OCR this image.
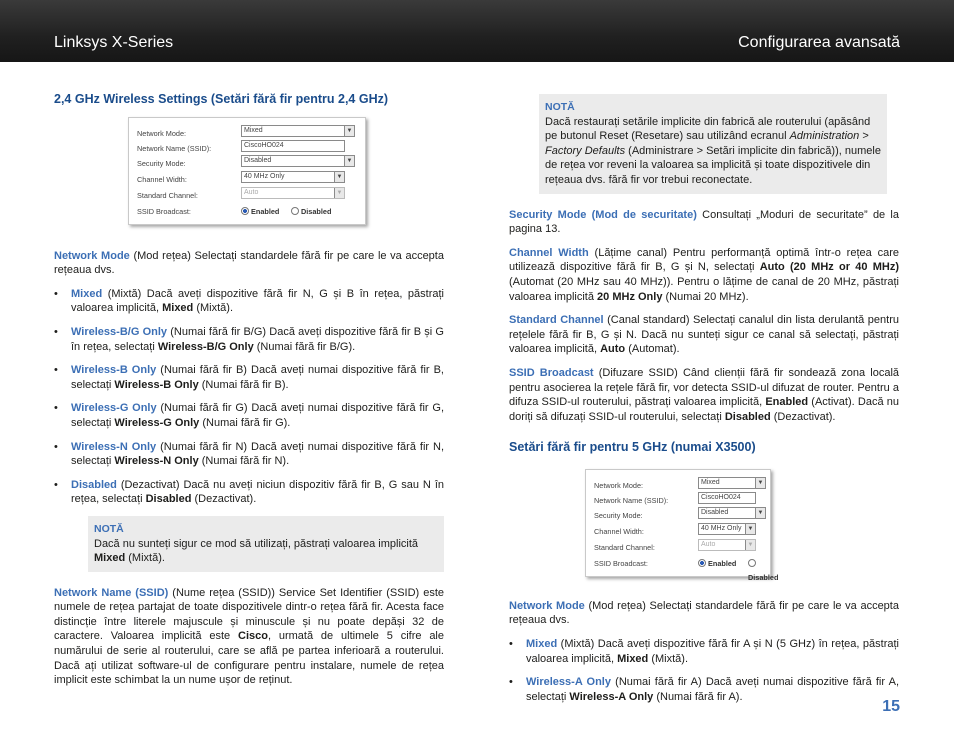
Linksys X-Series	Configurarea avansată
2,4 GHz Wireless Settings (Setări fără fir pentru 2,4 GHz)
Network Mode:	Mixed	▼
Network Name (SSID):	CiscoHO024
Security Mode:	Disabled	▼
Channel Width:	40 MHz Only	▼
Standard Channel:	Auto	▼
SSID Broadcast:	Enabled	Disabled

Network Mode (Mod rețea) Selectați standardele fără fir pe care le va accepta rețeaua dvs.

• Mixed (Mixtă) Dacă aveți dispozitive fără fir N, G și B în rețea, păstrați valoarea implicită, Mixed (Mixtă).
• Wireless-B/G Only (Numai fără fir B/G) Dacă aveți dispozitive fără fir B și G în rețea, selectați Wireless-B/G Only (Numai fără fir B/G).
• Wireless-B Only (Numai fără fir B) Dacă aveți numai dispozitive fără fir B, selectați Wireless-B Only (Numai fără fir B).
• Wireless-G Only (Numai fără fir G) Dacă aveți numai dispozitive fără fir G, selectați Wireless-G Only (Numai fără fir G).
• Wireless-N Only (Numai fără fir N) Dacă aveți numai dispozitive fără fir N, selectați Wireless-N Only (Numai fără fir N).
• Disabled (Dezactivat) Dacă nu aveți niciun dispozitiv fără fir B, G sau N în rețea, selectați Disabled (Dezactivat).
NOTĂ
Dacă nu sunteți sigur ce mod să utilizați, păstrați valoarea implicită Mixed (Mixtă).

Network Name (SSID) (Nume rețea (SSID)) Service Set Identifier (SSID) este numele de rețea partajat de toate dispozitivele dintr-o rețea fără fir. Acesta face distincție între literele majuscule și minuscule și nu poate depăși 32 de caractere. Valoarea implicită este Cisco, urmată de ultimele 5 cifre ale numărului de serie al routerului, care se află pe partea inferioară a routerului. Dacă ați utilizat software-ul de configurare pentru instalare, numele de rețea implicit este schimbat la un nume ușor de reținut.

NOTĂ
Dacă restaurați setările implicite din fabrică ale routerului (apăsând pe butonul Reset (Resetare) sau utilizând ecranul Administration > Factory Defaults (Administrare > Setări implicite din fabrică)), numele de rețea vor reveni la valoarea sa implicită și toate dispozitivele din rețeaua dvs. fără fir vor trebui reconectate.

Security Mode (Mod de securitate) Consultați „Moduri de securitate” de la pagina 13.

Channel Width (Lățime canal) Pentru performanță optimă într-o rețea care utilizează dispozitive fără fir B, G și N, selectați Auto (20 MHz or 40 MHz) (Automat (20 MHz sau 40 MHz)). Pentru o lățime de canal de 20 MHz, păstrați valoarea implicită 20 MHz Only (Numai 20 MHz).

Standard Channel (Canal standard) Selectați canalul din lista derulantă pentru rețelele fără fir B, G și N. Dacă nu sunteți sigur ce canal să selectați, păstrați valoarea implicită, Auto (Automat).

SSID Broadcast (Difuzare SSID) Când clienții fără fir sondează zona locală pentru asocierea la rețele fără fir, vor detecta SSID-ul difuzat de router. Pentru a difuza SSID-ul routerului, păstrați valoarea implicită, Enabled (Activat). Dacă nu doriți să difuzați SSID-ul routerului, selectați Disabled (Dezactivat).

Setări fără fir pentru 5 GHz (numai X3500)
Network Mode:	Mixed	▼
Network Name (SSID):	CiscoHO024
Security Mode:	Disabled	▼
Channel Width:	40 MHz Only	▼
Standard Channel:	Auto	▼
SSID Broadcast:	Enabled
Disabled

Network Mode (Mod rețea) Selectați standardele fără fir pe care le va accepta rețeaua dvs.

• Mixed (Mixtă) Dacă aveți dispozitive fără fir A și N (5 GHz) în rețea, păstrați valoarea implicită, Mixed (Mixtă).
• Wireless-A Only (Numai fără fir A) Dacă aveți numai dispozitive fără fir A, selectați Wireless-A Only (Numai fără fir A).
15
